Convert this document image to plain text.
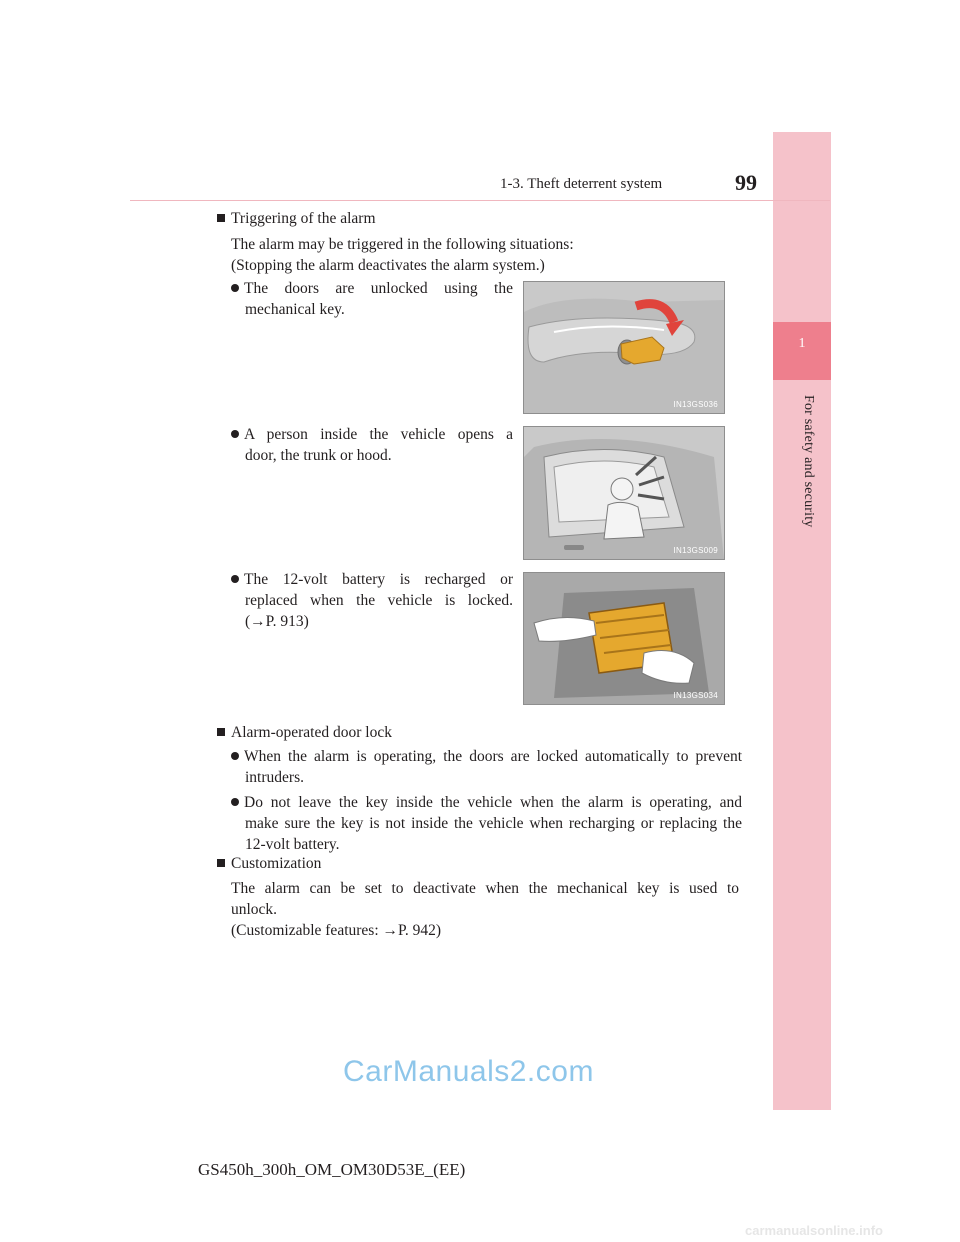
1
For safety and security
1-3. Theft deterrent system	99
Triggering of the alarm
The alarm may be triggered in the following situations:
(Stopping the alarm deactivates the alarm system.)
The doors are unlocked using the
mechanical key.
IN13GS036
A person inside the vehicle opens a
door, the trunk or hood.
IN13GS009
The 12-volt battery is recharged or
replaced when the vehicle is locked.
(→P. 913)
IN13GS034
Alarm-operated door lock
When the alarm is operating, the doors are locked automatically to prevent
intruders.
Do not leave the key inside the vehicle when the alarm is operating, and
make sure the key is not inside the vehicle when recharging or replacing the
12-volt battery.
Customization
The alarm can be set to deactivate when the mechanical key is used to
unlock.
(Customizable features: →P. 942)
CarManuals2.com
GS450h_300h_OM_OM30D53E_(EE)
carmanualsonline.info
